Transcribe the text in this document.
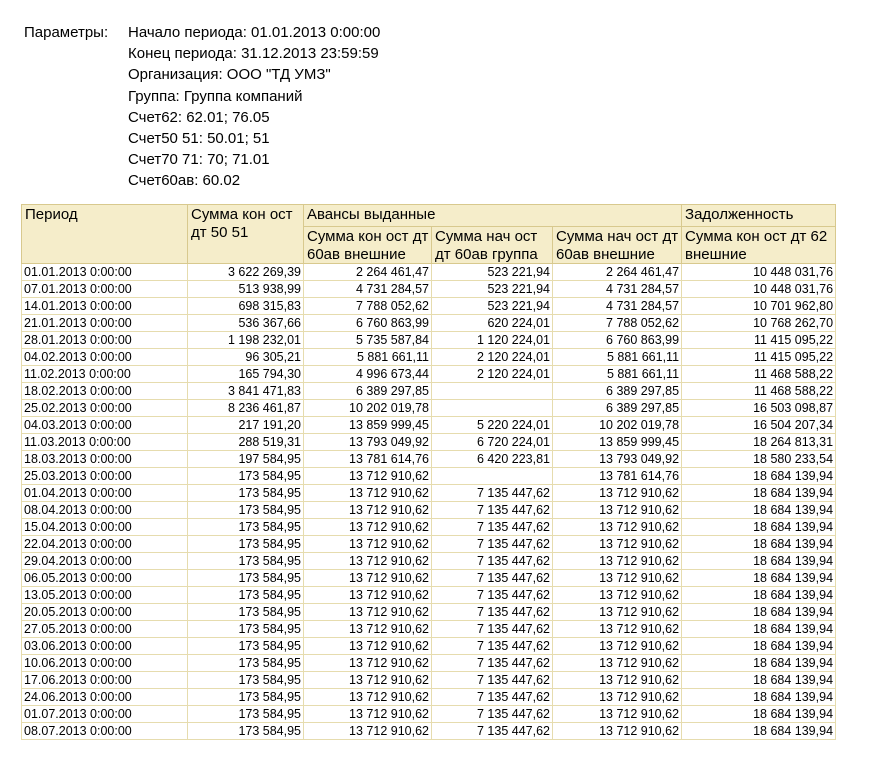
Параметры:	Начало периода: 01.01.2013 0:00:00
Конец периода: 31.12.2013 23:59:59
Организация: ООО "ТД УМЗ"
Группа: Группа компаний
Счет62: 62.01; 76.05
Счет50 51: 50.01; 51
Счет70 71: 70; 71.01
Счет60ав: 60.02
Период	Сумма кон ост дт 50 51	Авансы выданные			Задолженность
		Сумма кон ост дт 60ав внешние	Сумма нач ост дт 60ав группа	Сумма нач ост дт 60ав внешние	Сумма кон ост дт 62 внешние
01.01.2013 0:00:00	3 622 269,39	2 264 461,47	523 221,94	2 264 461,47	10 448 031,76
07.01.2013 0:00:00	513 938,99	4 731 284,57	523 221,94	4 731 284,57	10 448 031,76
14.01.2013 0:00:00	698 315,83	7 788 052,62	523 221,94	4 731 284,57	10 701 962,80
21.01.2013 0:00:00	536 367,66	6 760 863,99	620 224,01	7 788 052,62	10 768 262,70
28.01.2013 0:00:00	1 198 232,01	5 735 587,84	1 120 224,01	6 760 863,99	11 415 095,22
04.02.2013 0:00:00	96 305,21	5 881 661,11	2 120 224,01	5 881 661,11	11 415 095,22
11.02.2013 0:00:00	165 794,30	4 996 673,44	2 120 224,01	5 881 661,11	11 468 588,22
18.02.2013 0:00:00	3 841 471,83	6 389 297,85		6 389 297,85	11 468 588,22
25.02.2013 0:00:00	8 236 461,87	10 202 019,78		6 389 297,85	16 503 098,87
04.03.2013 0:00:00	217 191,20	13 859 999,45	5 220 224,01	10 202 019,78	16 504 207,34
11.03.2013 0:00:00	288 519,31	13 793 049,92	6 720 224,01	13 859 999,45	18 264 813,31
18.03.2013 0:00:00	197 584,95	13 781 614,76	6 420 223,81	13 793 049,92	18 580 233,54
25.03.2013 0:00:00	173 584,95	13 712 910,62		13 781 614,76	18 684 139,94
01.04.2013 0:00:00	173 584,95	13 712 910,62	7 135 447,62	13 712 910,62	18 684 139,94
08.04.2013 0:00:00	173 584,95	13 712 910,62	7 135 447,62	13 712 910,62	18 684 139,94
15.04.2013 0:00:00	173 584,95	13 712 910,62	7 135 447,62	13 712 910,62	18 684 139,94
22.04.2013 0:00:00	173 584,95	13 712 910,62	7 135 447,62	13 712 910,62	18 684 139,94
29.04.2013 0:00:00	173 584,95	13 712 910,62	7 135 447,62	13 712 910,62	18 684 139,94
06.05.2013 0:00:00	173 584,95	13 712 910,62	7 135 447,62	13 712 910,62	18 684 139,94
13.05.2013 0:00:00	173 584,95	13 712 910,62	7 135 447,62	13 712 910,62	18 684 139,94
20.05.2013 0:00:00	173 584,95	13 712 910,62	7 135 447,62	13 712 910,62	18 684 139,94
27.05.2013 0:00:00	173 584,95	13 712 910,62	7 135 447,62	13 712 910,62	18 684 139,94
03.06.2013 0:00:00	173 584,95	13 712 910,62	7 135 447,62	13 712 910,62	18 684 139,94
10.06.2013 0:00:00	173 584,95	13 712 910,62	7 135 447,62	13 712 910,62	18 684 139,94
17.06.2013 0:00:00	173 584,95	13 712 910,62	7 135 447,62	13 712 910,62	18 684 139,94
24.06.2013 0:00:00	173 584,95	13 712 910,62	7 135 447,62	13 712 910,62	18 684 139,94
01.07.2013 0:00:00	173 584,95	13 712 910,62	7 135 447,62	13 712 910,62	18 684 139,94
08.07.2013 0:00:00	173 584,95	13 712 910,62	7 135 447,62	13 712 910,62	18 684 139,94
